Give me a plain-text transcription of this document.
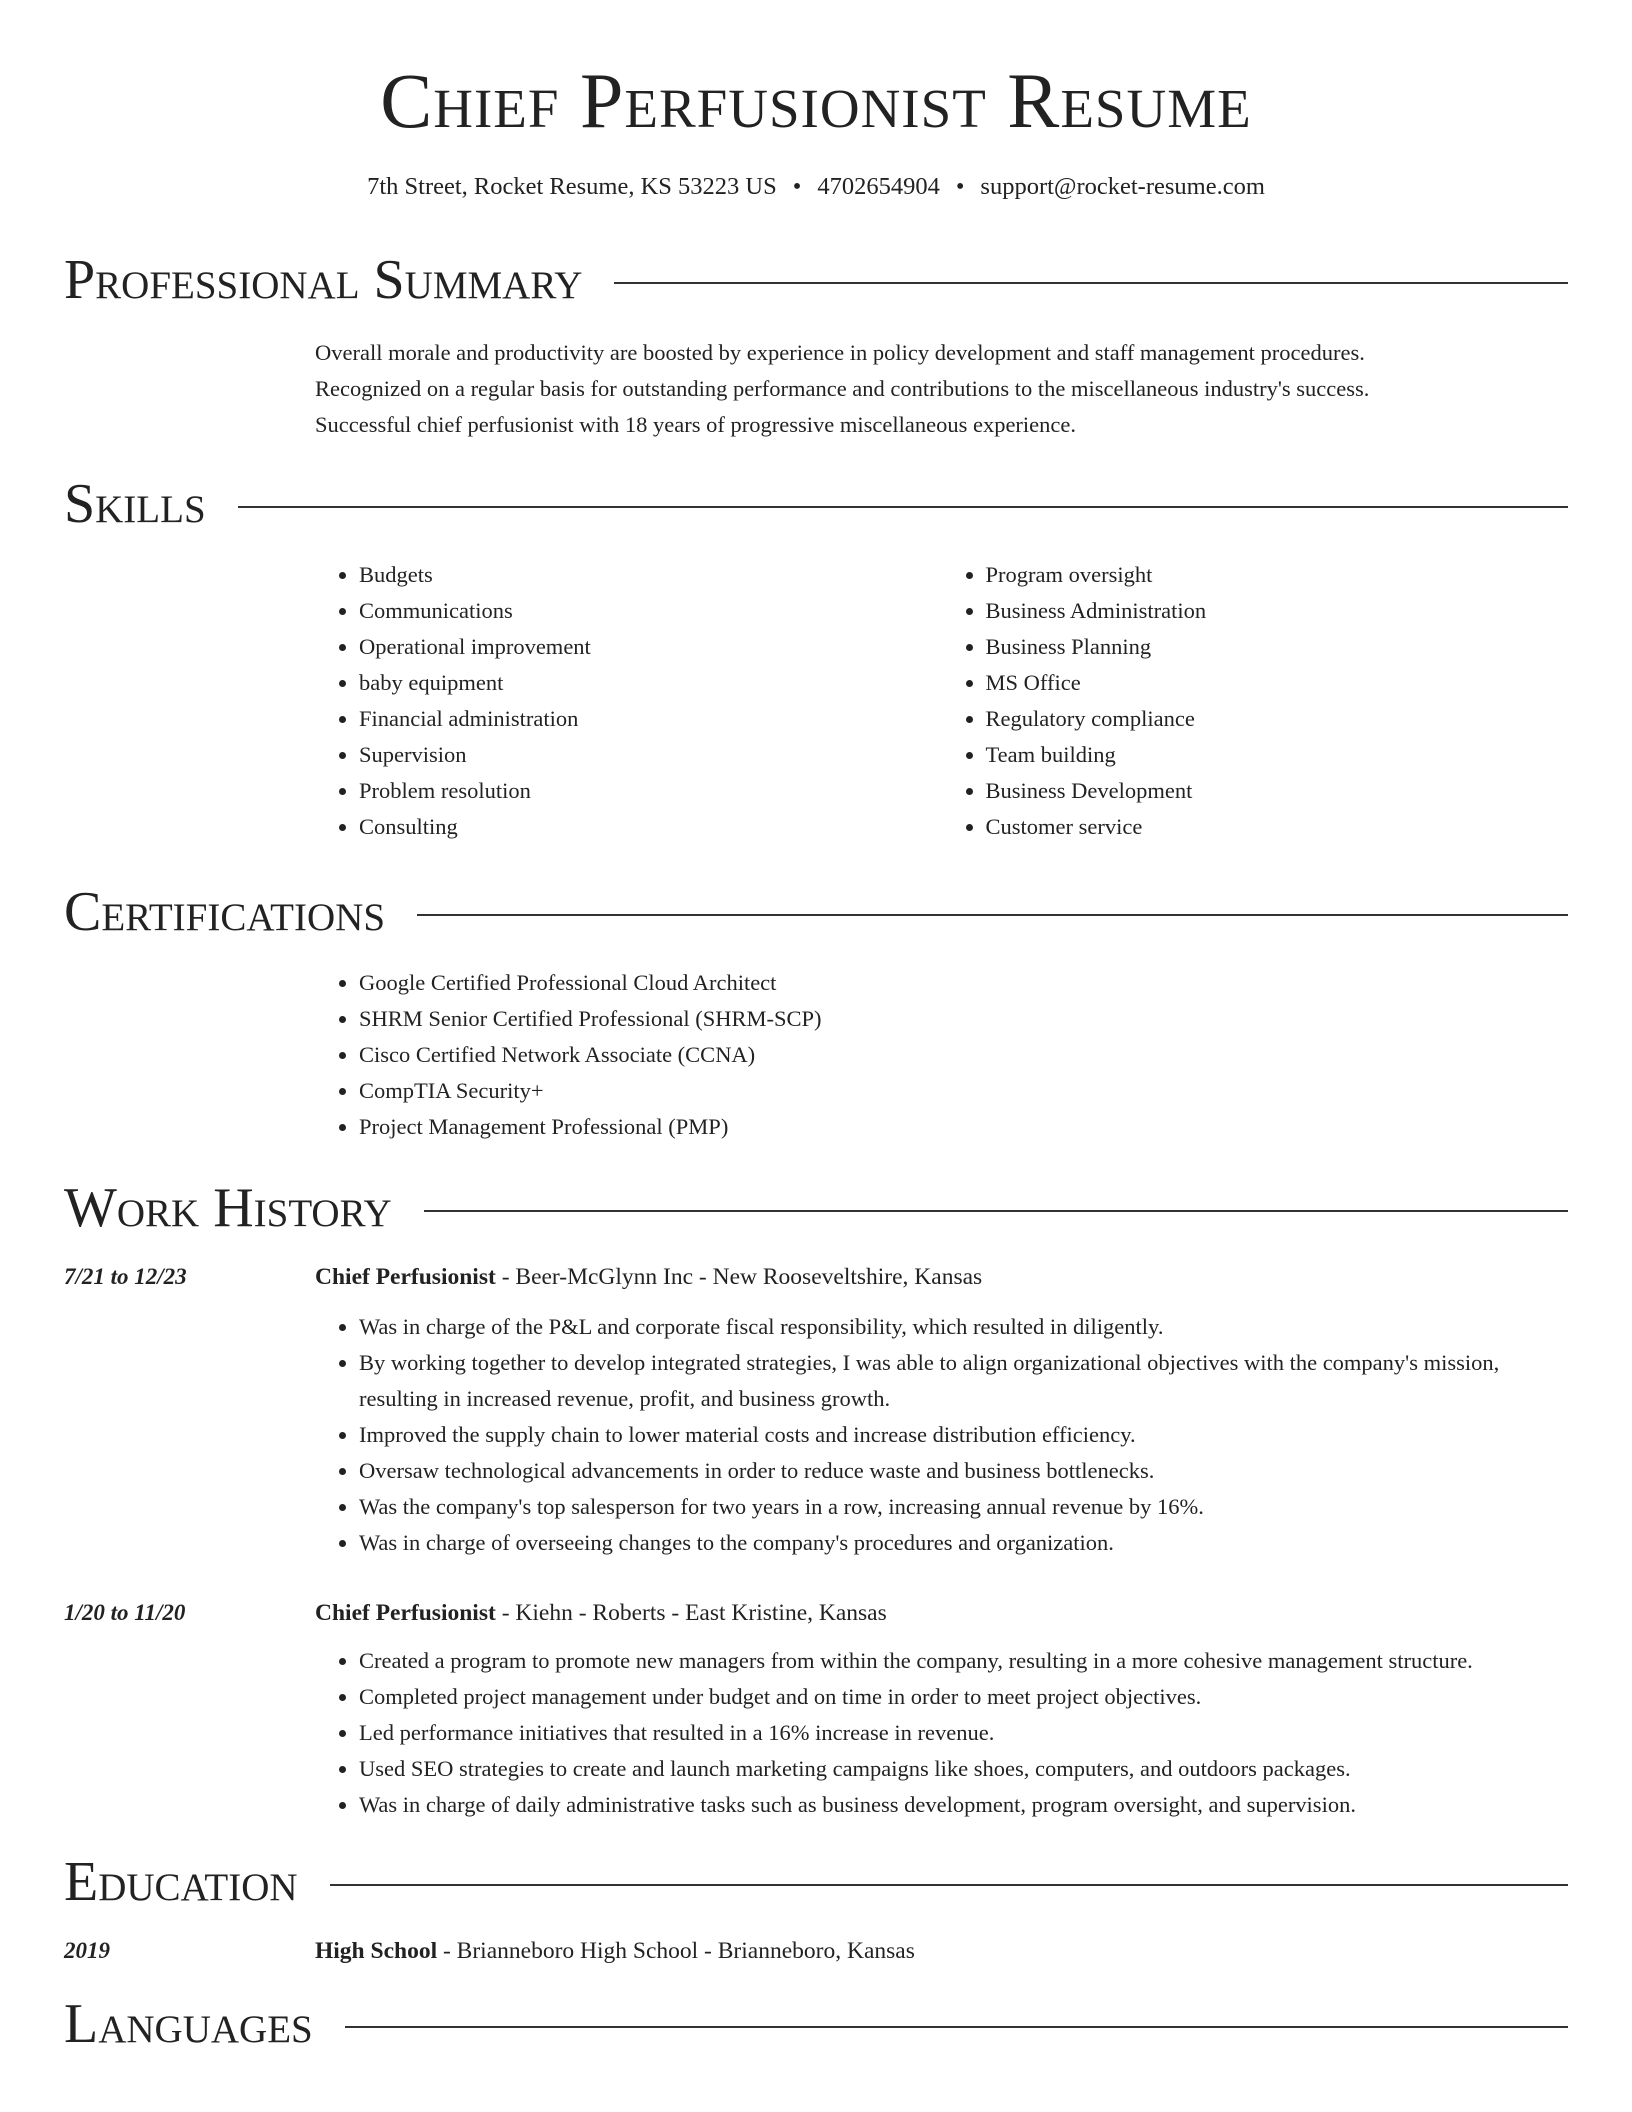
Chief Perfusionist Resume
7th Street, Rocket Resume, KS 53223 US • 4702654904 • support@rocket-resume.com
Professional Summary

Overall morale and productivity are boosted by experience in policy development and staff management procedures.

Recognized on a regular basis for outstanding performance and contributions to the miscellaneous industry's success.

Successful chief perfusionist with 18 years of progressive miscellaneous experience.

Skills
• Budgets
• Communications
• Operational improvement
• baby equipment
• Financial administration
• Supervision
• Problem resolution
• Consulting
• Program oversight
• Business Administration
• Business Planning
• MS Office
• Regulatory compliance
• Team building
• Business Development
• Customer service
Certifications
• Google Certified Professional Cloud Architect
• SHRM Senior Certified Professional (SHRM-SCP)
• Cisco Certified Network Associate (CCNA)
• CompTIA Security+
• Project Management Professional (PMP)
Work History
7/21 to 12/23	Chief Perfusionist - Beer-McGlynn Inc - New Rooseveltshire, Kansas
• Was in charge of the P&L and corporate fiscal responsibility, which resulted in diligently.
• By working together to develop integrated strategies, I was able to align organizational objectives with the company's mission, resulting in increased revenue, profit, and business growth.
• Improved the supply chain to lower material costs and increase distribution efficiency.
• Oversaw technological advancements in order to reduce waste and business bottlenecks.
• Was the company's top salesperson for two years in a row, increasing annual revenue by 16%.
• Was in charge of overseeing changes to the company's procedures and organization.
1/20 to 11/20	Chief Perfusionist - Kiehn - Roberts - East Kristine, Kansas
• Created a program to promote new managers from within the company, resulting in a more cohesive management structure.
• Completed project management under budget and on time in order to meet project objectives.
• Led performance initiatives that resulted in a 16% increase in revenue.
• Used SEO strategies to create and launch marketing campaigns like shoes, computers, and outdoors packages.
• Was in charge of daily administrative tasks such as business development, program oversight, and supervision.
Education
2019	High School - Brianneboro High School - Brianneboro, Kansas
Languages
